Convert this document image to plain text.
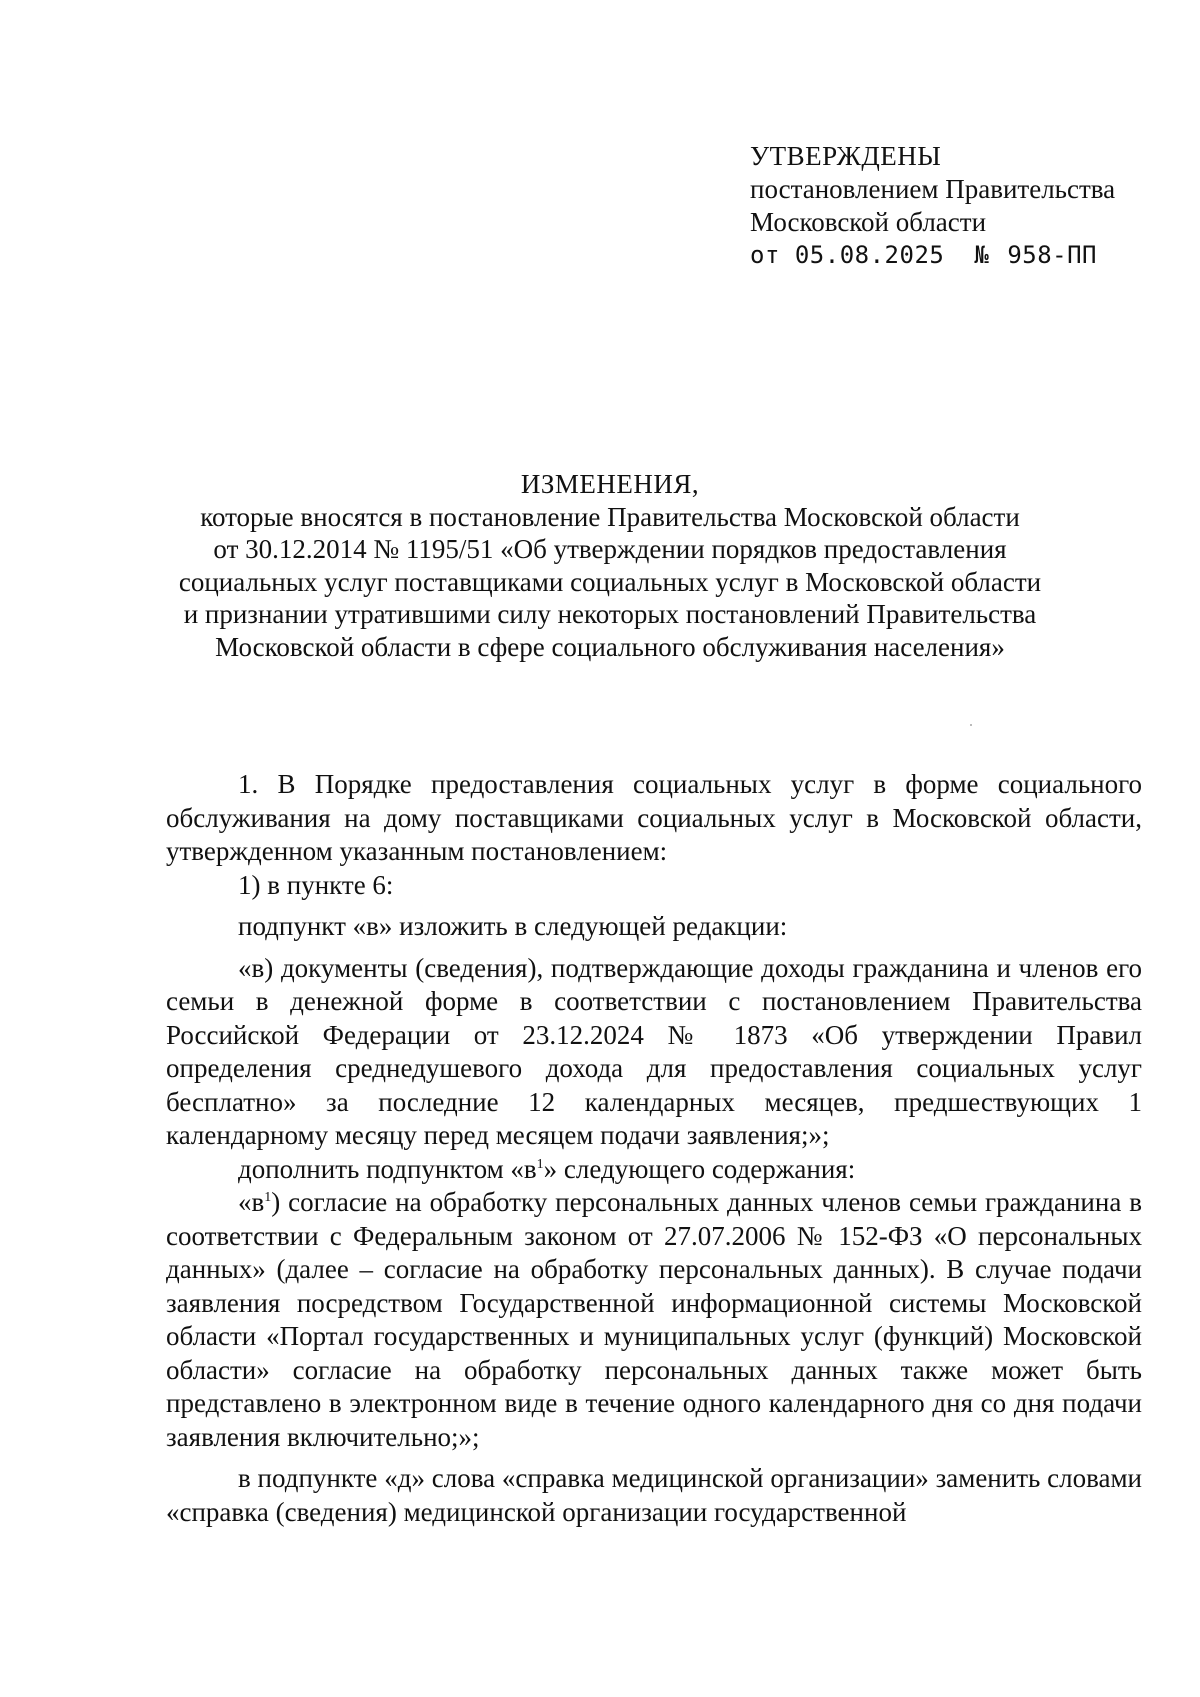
УТВЕРЖДЕНЫ
постановлением Правительства
Московской области
от 05.08.2025 № 958-ПП
ИЗМЕНЕНИЯ,
которые вносятся в постановление Правительства Московской области
от 30.12.2014 № 1195/51 «Об утверждении порядков предоставления
социальных услуг поставщиками социальных услуг в Московской области
и признании утратившими силу некоторых постановлений Правительства
Московской области в сфере социального обслуживания населения»

1. В Порядке предоставления социальных услуг в форме социального обслуживания на дому поставщиками социальных услуг в Московской области, утвержденном указанным постановлением:

1) в пункте 6:

подпункт «в» изложить в следующей редакции:

«в) документы (сведения), подтверждающие доходы гражданина и членов его семьи в денежной форме в соответствии с постановлением Правительства Российской Федерации от 23.12.2024 № 1873 «Об утверждении Правил определения среднедушевого дохода для предоставления социальных услуг бесплатно» за последние 12 календарных месяцев, предшествующих 1 календарному месяцу перед месяцем подачи заявления;»;

дополнить подпунктом «$в^1$» следующего содержания:

«$в^1$) согласие на обработку персональных данных членов семьи гражданина в соответствии с Федеральным законом от 27.07.2006 № 152-ФЗ «О персональных данных» (далее – согласие на обработку персональных данных). В случае подачи заявления посредством Государственной информационной системы Московской области «Портал государственных и муниципальных услуг (функций) Московской области» согласие на обработку персональных данных также может быть представлено в электронном виде в течение одного календарного дня со дня подачи заявления включительно;»;

в подпункте «д» слова «справка медицинской организации» заменить словами «справка (сведения) медицинской организации государственной
